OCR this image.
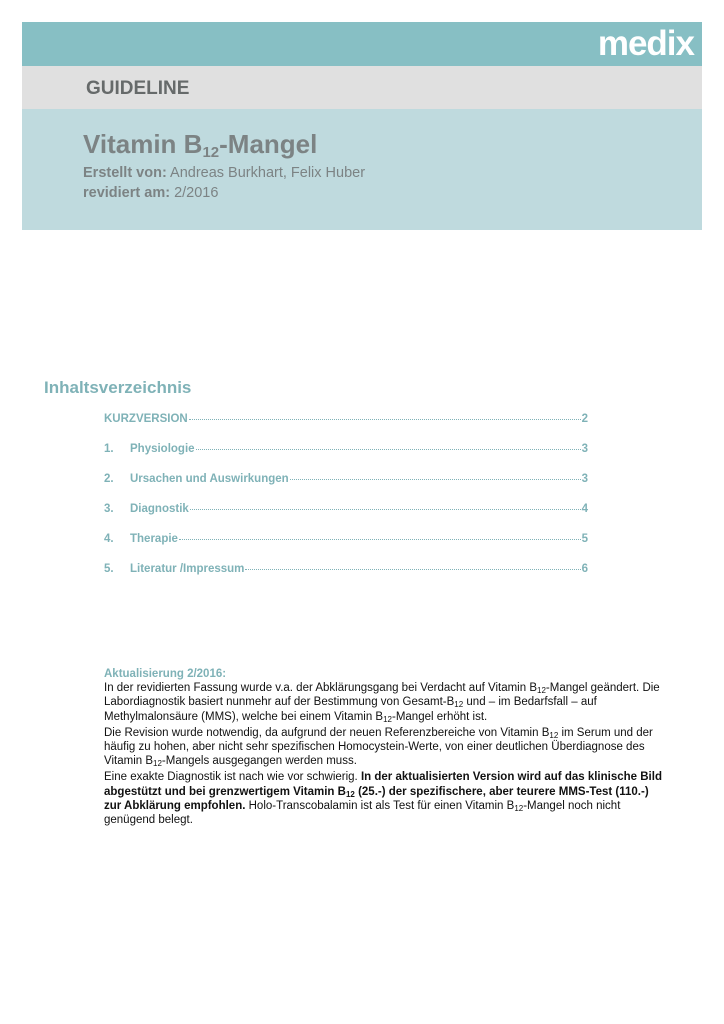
medix
GUIDELINE
Vitamin $B_{12}$-Mangel
Erstellt von: Andreas Burkhart, Felix Huber
revidiert am: 2/2016
Inhaltsverzeichnis
KURZVERSION	2
1.	Physiologie	3
2.	Ursachen und Auswirkungen	3
3.	Diagnostik	4
4.	Therapie	5
5.	Literatur /Impressum	6
Aktualisierung 2/2016:

In der revidierten Fassung wurde v.a. der Abklärungsgang bei Verdacht auf Vitamin $B_{12}$-Mangel geändert. Die Labordiagnostik basiert nunmehr auf der Bestimmung von Gesamt-$B_{12}$ und – im Bedarfsfall – auf Methylmalonsäure (MMS), welche bei einem Vitamin $B_{12}$-Mangel erhöht ist.

Die Revision wurde notwendig, da aufgrund der neuen Referenzbereiche von Vitamin $B_{12}$ im Serum und der häufig zu hohen, aber nicht sehr spezifischen Homocystein-Werte, von einer deutlichen Überdiagnose des Vitamin $B_{12}$-Mangels ausgegangen werden muss.

Eine exakte Diagnostik ist nach wie vor schwierig. In der aktualisierten Version wird auf das klinische Bild abgestützt und bei grenzwertigem Vitamin $B_{12}$ (25.-) der spezifischere, aber teurere MMS-Test (110.-) zur Abklärung empfohlen. Holo-Transcobalamin ist als Test für einen Vitamin $B_{12}$-Mangel noch nicht genügend belegt.
